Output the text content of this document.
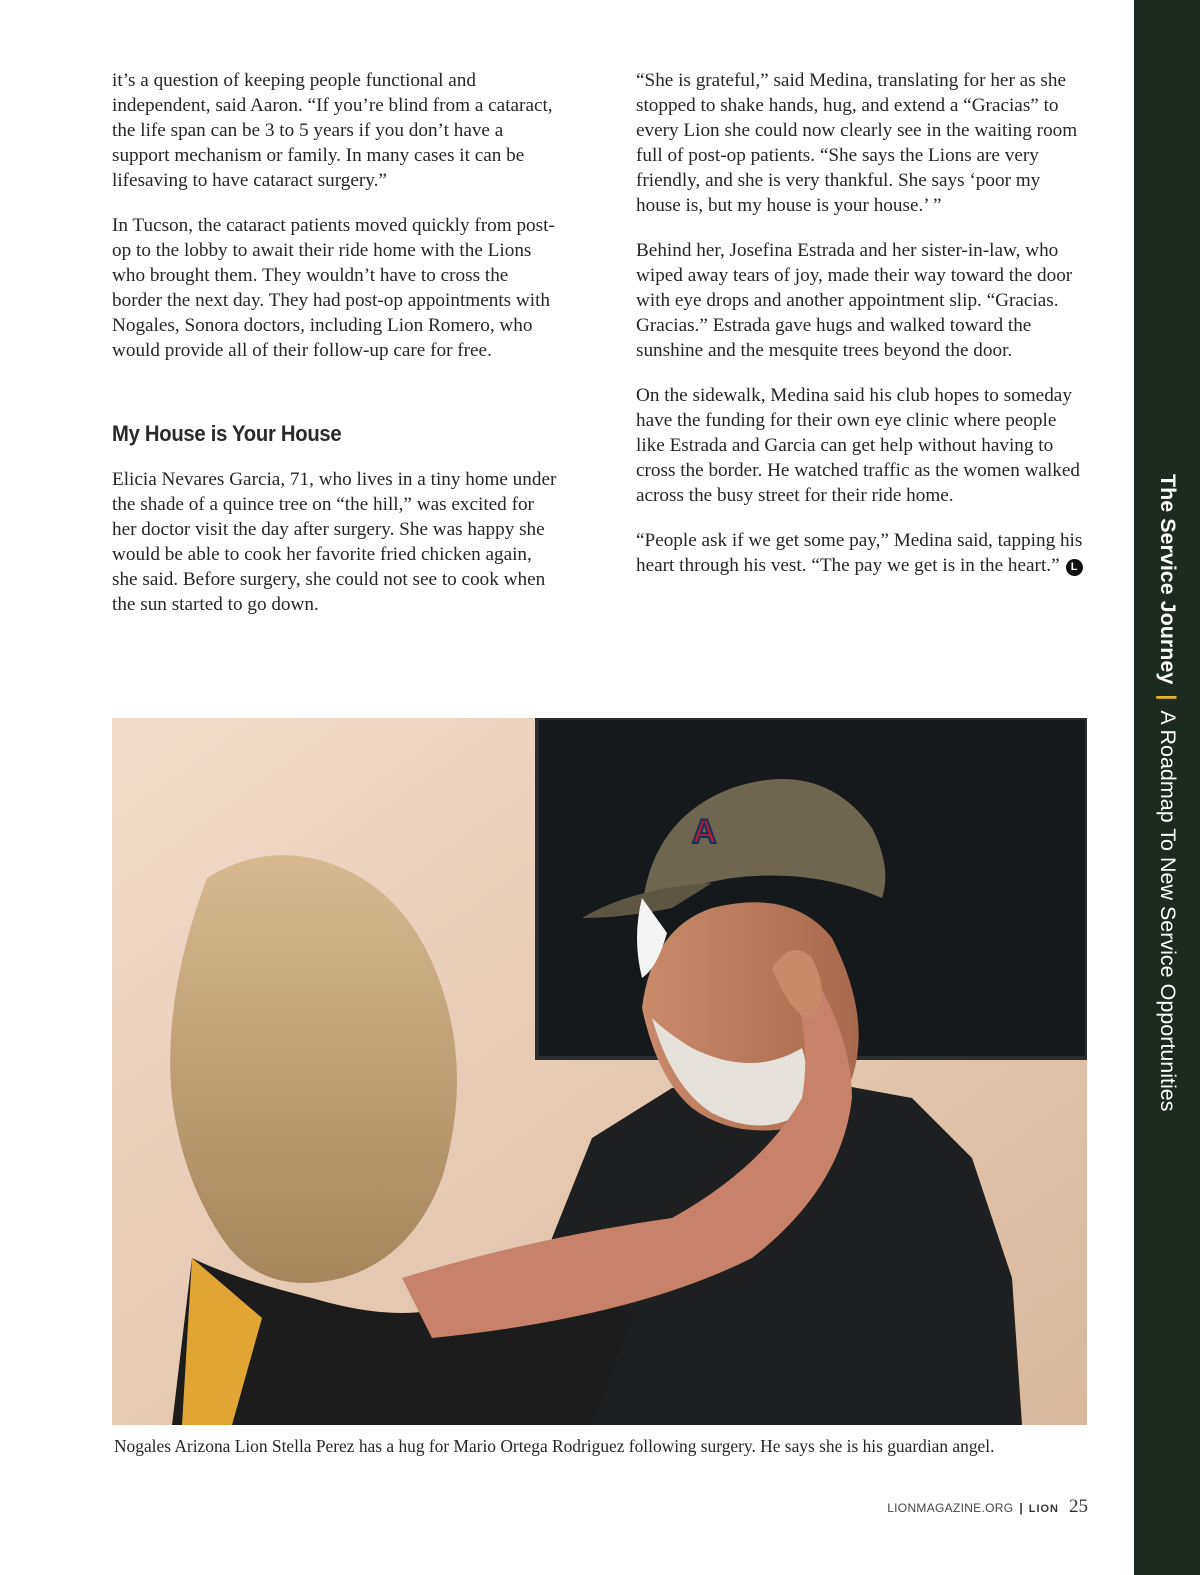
it’s a question of keeping people functional and independent, said Aaron. “If you’re blind from a cataract, the life span can be 3 to 5 years if you don’t have a support mechanism or family. In many cases it can be lifesaving to have cataract surgery.”

In Tucson, the cataract patients moved quickly from post-op to the lobby to await their ride home with the Lions who brought them. They wouldn’t have to cross the border the next day. They had post-op appointments with Nogales, Sonora doctors, including Lion Romero, who would provide all of their follow-up care for free.

My House is Your House

Elicia Nevares Garcia, 71, who lives in a tiny home under the shade of a quince tree on “the hill,” was excited for her doctor visit the day after surgery. She was happy she would be able to cook her favorite fried chicken again, she said. Before surgery, she could not see to cook when the sun started to go down.

“She is grateful,” said Medina, translating for her as she stopped to shake hands, hug, and extend a “Gracias” to every Lion she could now clearly see in the waiting room full of post-op patients. “She says the Lions are very friendly, and she is very thankful. She says ‘poor my house is, but my house is your house.’ ”

Behind her, Josefina Estrada and her sister-in-law, who wiped away tears of joy, made their way toward the door with eye drops and another appointment slip. “Gracias. Gracias.” Estrada gave hugs and walked toward the sunshine and the mesquite trees beyond the door.

On the sidewalk, Medina said his club hopes to someday have the funding for their own eye clinic where people like Estrada and Garcia can get help without having to cross the border. He watched traffic as the women walked across the busy street for their ride home.

“People ask if we get some pay,” Medina said, tapping his heart through his vest. “The pay we get is in the heart.” L

A
Nogales Arizona Lion Stella Perez has a hug for Mario Ortega Rodriguez following surgery. He says she is his guardian angel.
LIONMAGAZINE.ORG | LION 25
The Service Journey|A Roadmap To New Service Opportunities
